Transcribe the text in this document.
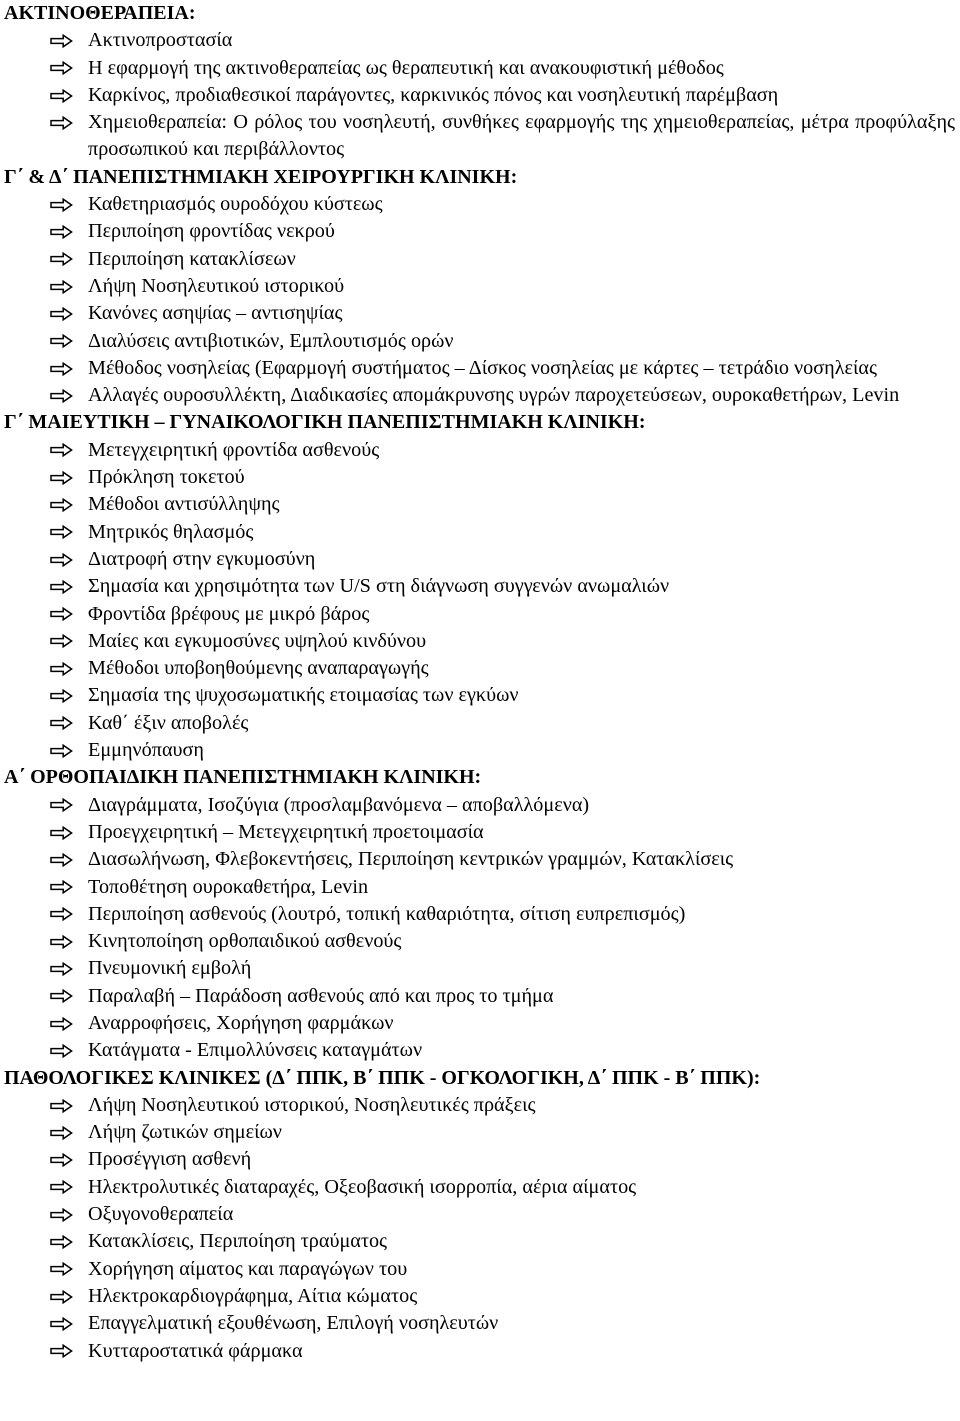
ΑΚΤΙΝΟΘΕΡΑΠΕΙΑ:
Ακτινοπροστασία
Η εφαρμογή της ακτινοθεραπείας ως θεραπευτική και ανακουφιστική μέθοδος
Καρκίνος, προδιαθεσικοί παράγοντες, καρκινικός πόνος και νοσηλευτική παρέμβαση
Χημειοθεραπεία: Ο ρόλος του νοσηλευτή, συνθήκες εφαρμογής της χημειοθεραπείας, μέτρα προφύλαξης προσωπικού και περιβάλλοντος
Γ΄ & Δ΄ ΠΑΝΕΠΙΣΤΗΜΙΑΚΗ ΧΕΙΡΟΥΡΓΙΚΗ ΚΛΙΝΙΚΗ:
Καθετηριασμός ουροδόχου κύστεως
Περιποίηση φροντίδας νεκρού
Περιποίηση κατακλίσεων
Λήψη Νοσηλευτικού ιστορικού
Κανόνες ασηψίας – αντισηψίας
Διαλύσεις αντιβιοτικών, Εμπλουτισμός ορών
Μέθοδος νοσηλείας (Εφαρμογή συστήματος – Δίσκος νοσηλείας με κάρτες – τετράδιο νοσηλείας
Αλλαγές ουροσυλλέκτη, Διαδικασίες απομάκρυνσης υγρών παροχετεύσεων, ουροκαθετήρων, Levin
Γ΄ ΜΑΙΕΥΤΙΚΗ – ΓΥΝΑΙΚΟΛΟΓΙΚΗ ΠΑΝΕΠΙΣΤΗΜΙΑΚΗ ΚΛΙΝΙΚΗ:
Μετεγχειρητική φροντίδα ασθενούς
Πρόκληση τοκετού
Μέθοδοι αντισύλληψης
Μητρικός θηλασμός
Διατροφή στην εγκυμοσύνη
Σημασία και χρησιμότητα των U/S στη διάγνωση συγγενών ανωμαλιών
Φροντίδα βρέφους με μικρό βάρος
Μαίες και εγκυμοσύνες υψηλού κινδύνου
Μέθοδοι υποβοηθούμενης αναπαραγωγής
Σημασία της ψυχοσωματικής ετοιμασίας των εγκύων
Καθ΄ έξιν αποβολές
Εμμηνόπαυση
Α΄ ΟΡΘΟΠΑΙΔΙΚΗ ΠΑΝΕΠΙΣΤΗΜΙΑΚΗ ΚΛΙΝΙΚΗ:
Διαγράμματα, Ισοζύγια (προσλαμβανόμενα – αποβαλλόμενα)
Προεγχειρητική – Μετεγχειρητική προετοιμασία
Διασωλήνωση, Φλεβοκεντήσεις, Περιποίηση κεντρικών γραμμών, Κατακλίσεις
Τοποθέτηση ουροκαθετήρα, Levin
Περιποίηση ασθενούς (λουτρό, τοπική καθαριότητα, σίτιση ευπρεπισμός)
Κινητοποίηση ορθοπαιδικού ασθενούς
Πνευμονική εμβολή
Παραλαβή – Παράδοση ασθενούς από και προς το τμήμα
Αναρροφήσεις, Χορήγηση φαρμάκων
Κατάγματα - Επιμολλύνσεις καταγμάτων
ΠΑΘΟΛΟΓΙΚΕΣ ΚΛΙΝΙΚΕΣ (Δ΄ ΠΠΚ, Β΄ ΠΠΚ - ΟΓΚΟΛΟΓΙΚΗ, Δ΄ ΠΠΚ - Β΄ ΠΠΚ):
Λήψη Νοσηλευτικού ιστορικού, Νοσηλευτικές πράξεις
Λήψη ζωτικών σημείων
Προσέγγιση ασθενή
Ηλεκτρολυτικές διαταραχές, Οξεοβασική ισορροπία, αέρια αίματος
Οξυγονοθεραπεία
Κατακλίσεις, Περιποίηση τραύματος
Χορήγηση αίματος και παραγώγων του
Ηλεκτροκαρδιογράφημα, Αίτια κώματος
Επαγγελματική εξουθένωση, Επιλογή νοσηλευτών
Κυτταροστατικά φάρμακα
